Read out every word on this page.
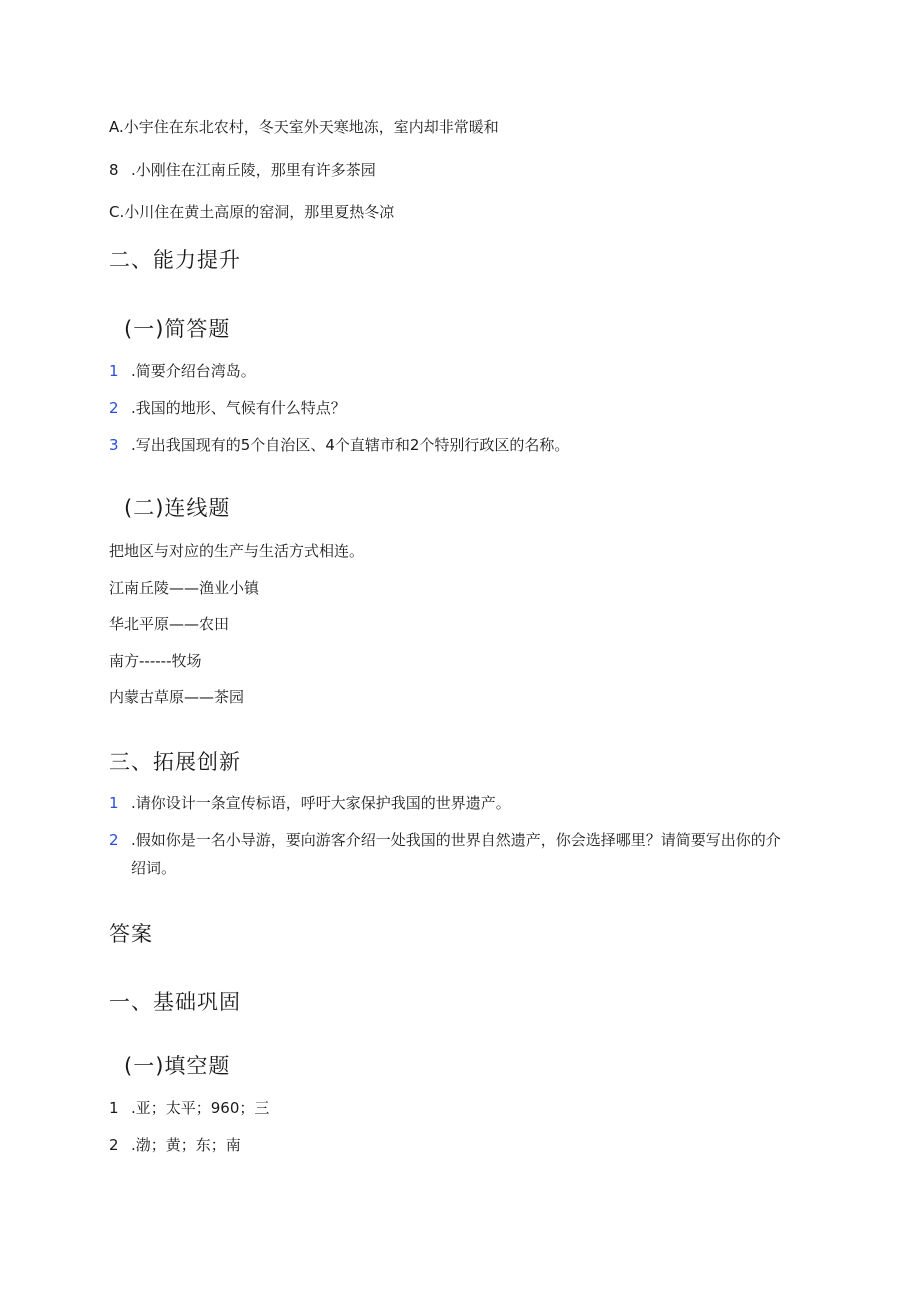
A.小宇住在东北农村，冬天室外天寒地冻，室内却非常暖和
8 .小刚住在江南丘陵，那里有许多茶园
C.小川住在黄土高原的窑洞，那里夏热冬凉
二、能力提升
(一)简答题
1 .简要介绍台湾岛。
2 .我国的地形、气候有什么特点？
3 .写出我国现有的5个自治区、4个直辖市和2个特别行政区的名称。
(二)连线题
把地区与对应的生产与生活方式相连。
江南丘陵——渔业小镇
华北平原——农田
南方------牧场
内蒙古草原——茶园
三、拓展创新
1 .请你设计一条宣传标语，呼吁大家保护我国的世界遗产。
2 .假如你是一名小导游，要向游客介绍一处我国的世界自然遗产，你会选择哪里？请简要写出你的介
绍词。
答案
一、基础巩固
(一)填空题
1 .亚；太平；960；三
2 .渤；黄；东；南
